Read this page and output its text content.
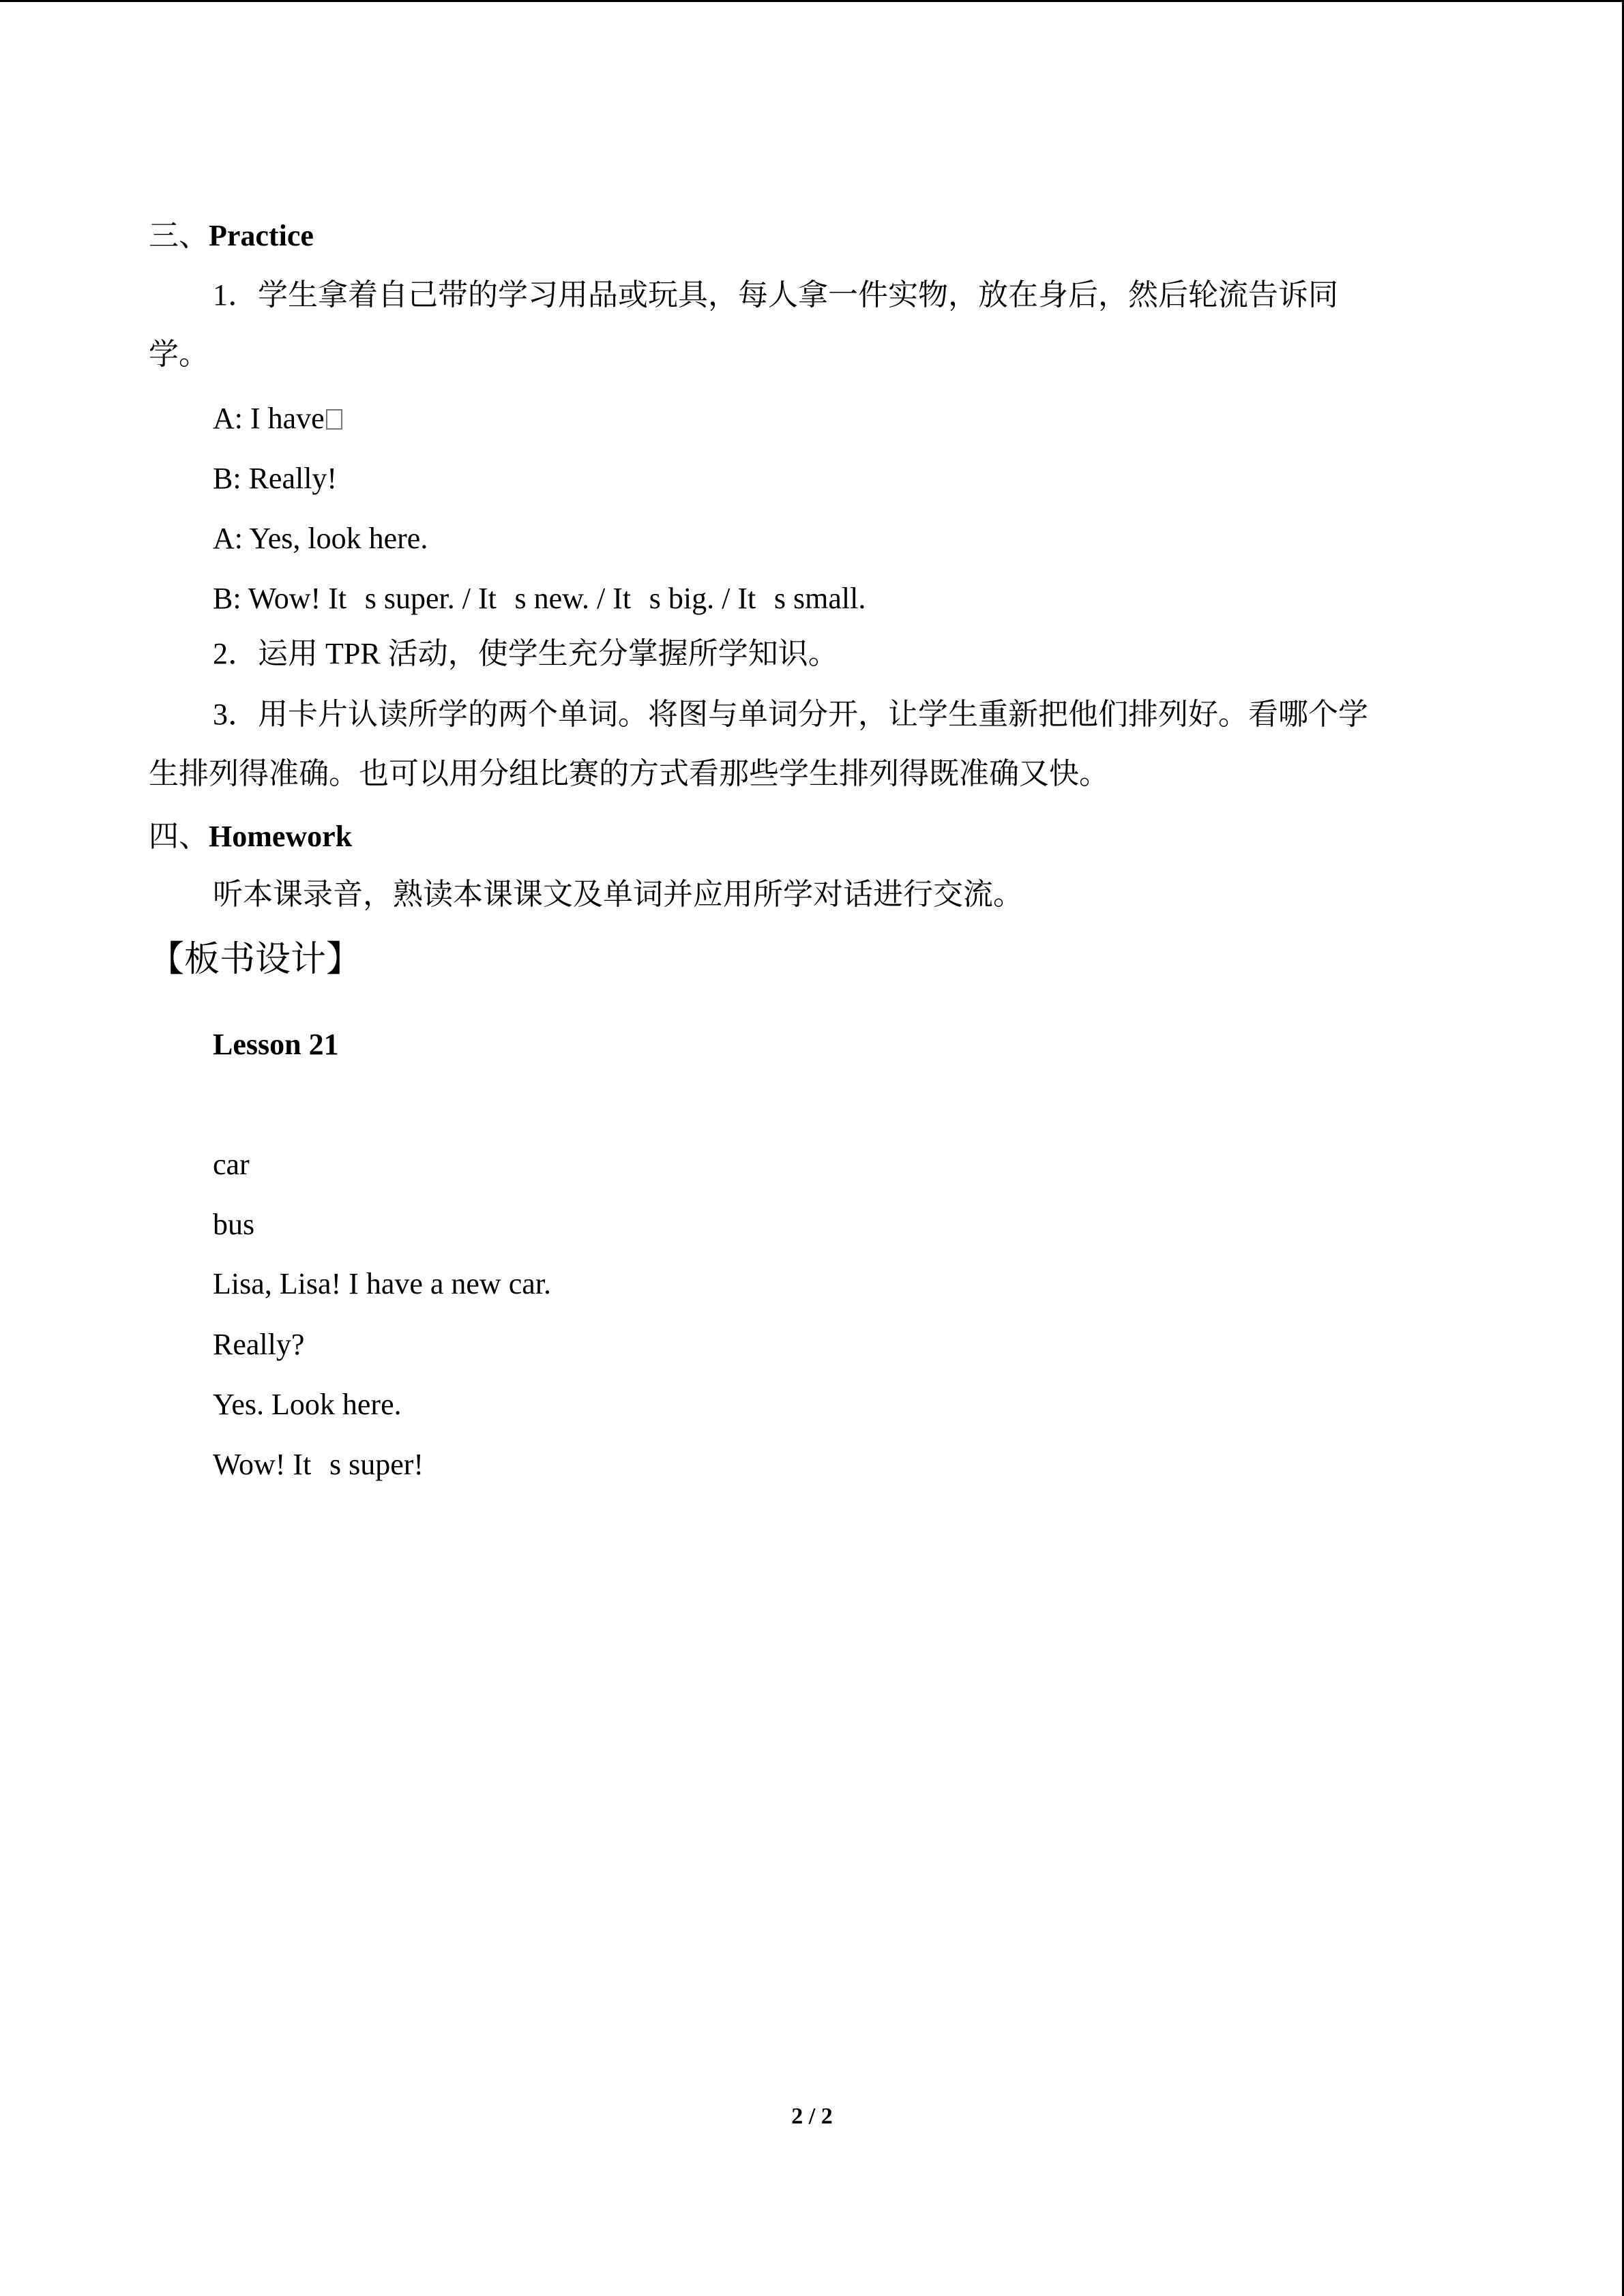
三、Practice
1．学生拿着自己带的学习用品或玩具，每人拿一件实物，放在身后，然后轮流告诉同
学。
A: I have
B: Really!
A: Yes, look here.
B: Wow! Its super. / Its new. / Its big. / Its small.
2．运用 TPR 活动，使学生充分掌握所学知识。
3．用卡片认读所学的两个单词。将图与单词分开，让学生重新把他们排列好。看哪个学
生排列得准确。也可以用分组比赛的方式看那些学生排列得既准确又快。
四、Homework
听本课录音，熟读本课课文及单词并应用所学对话进行交流。
【板书设计】
Lesson 21
car
bus
Lisa, Lisa! I have a new car.
Really?
Yes. Look here.
Wow! Its super!
2 / 2
